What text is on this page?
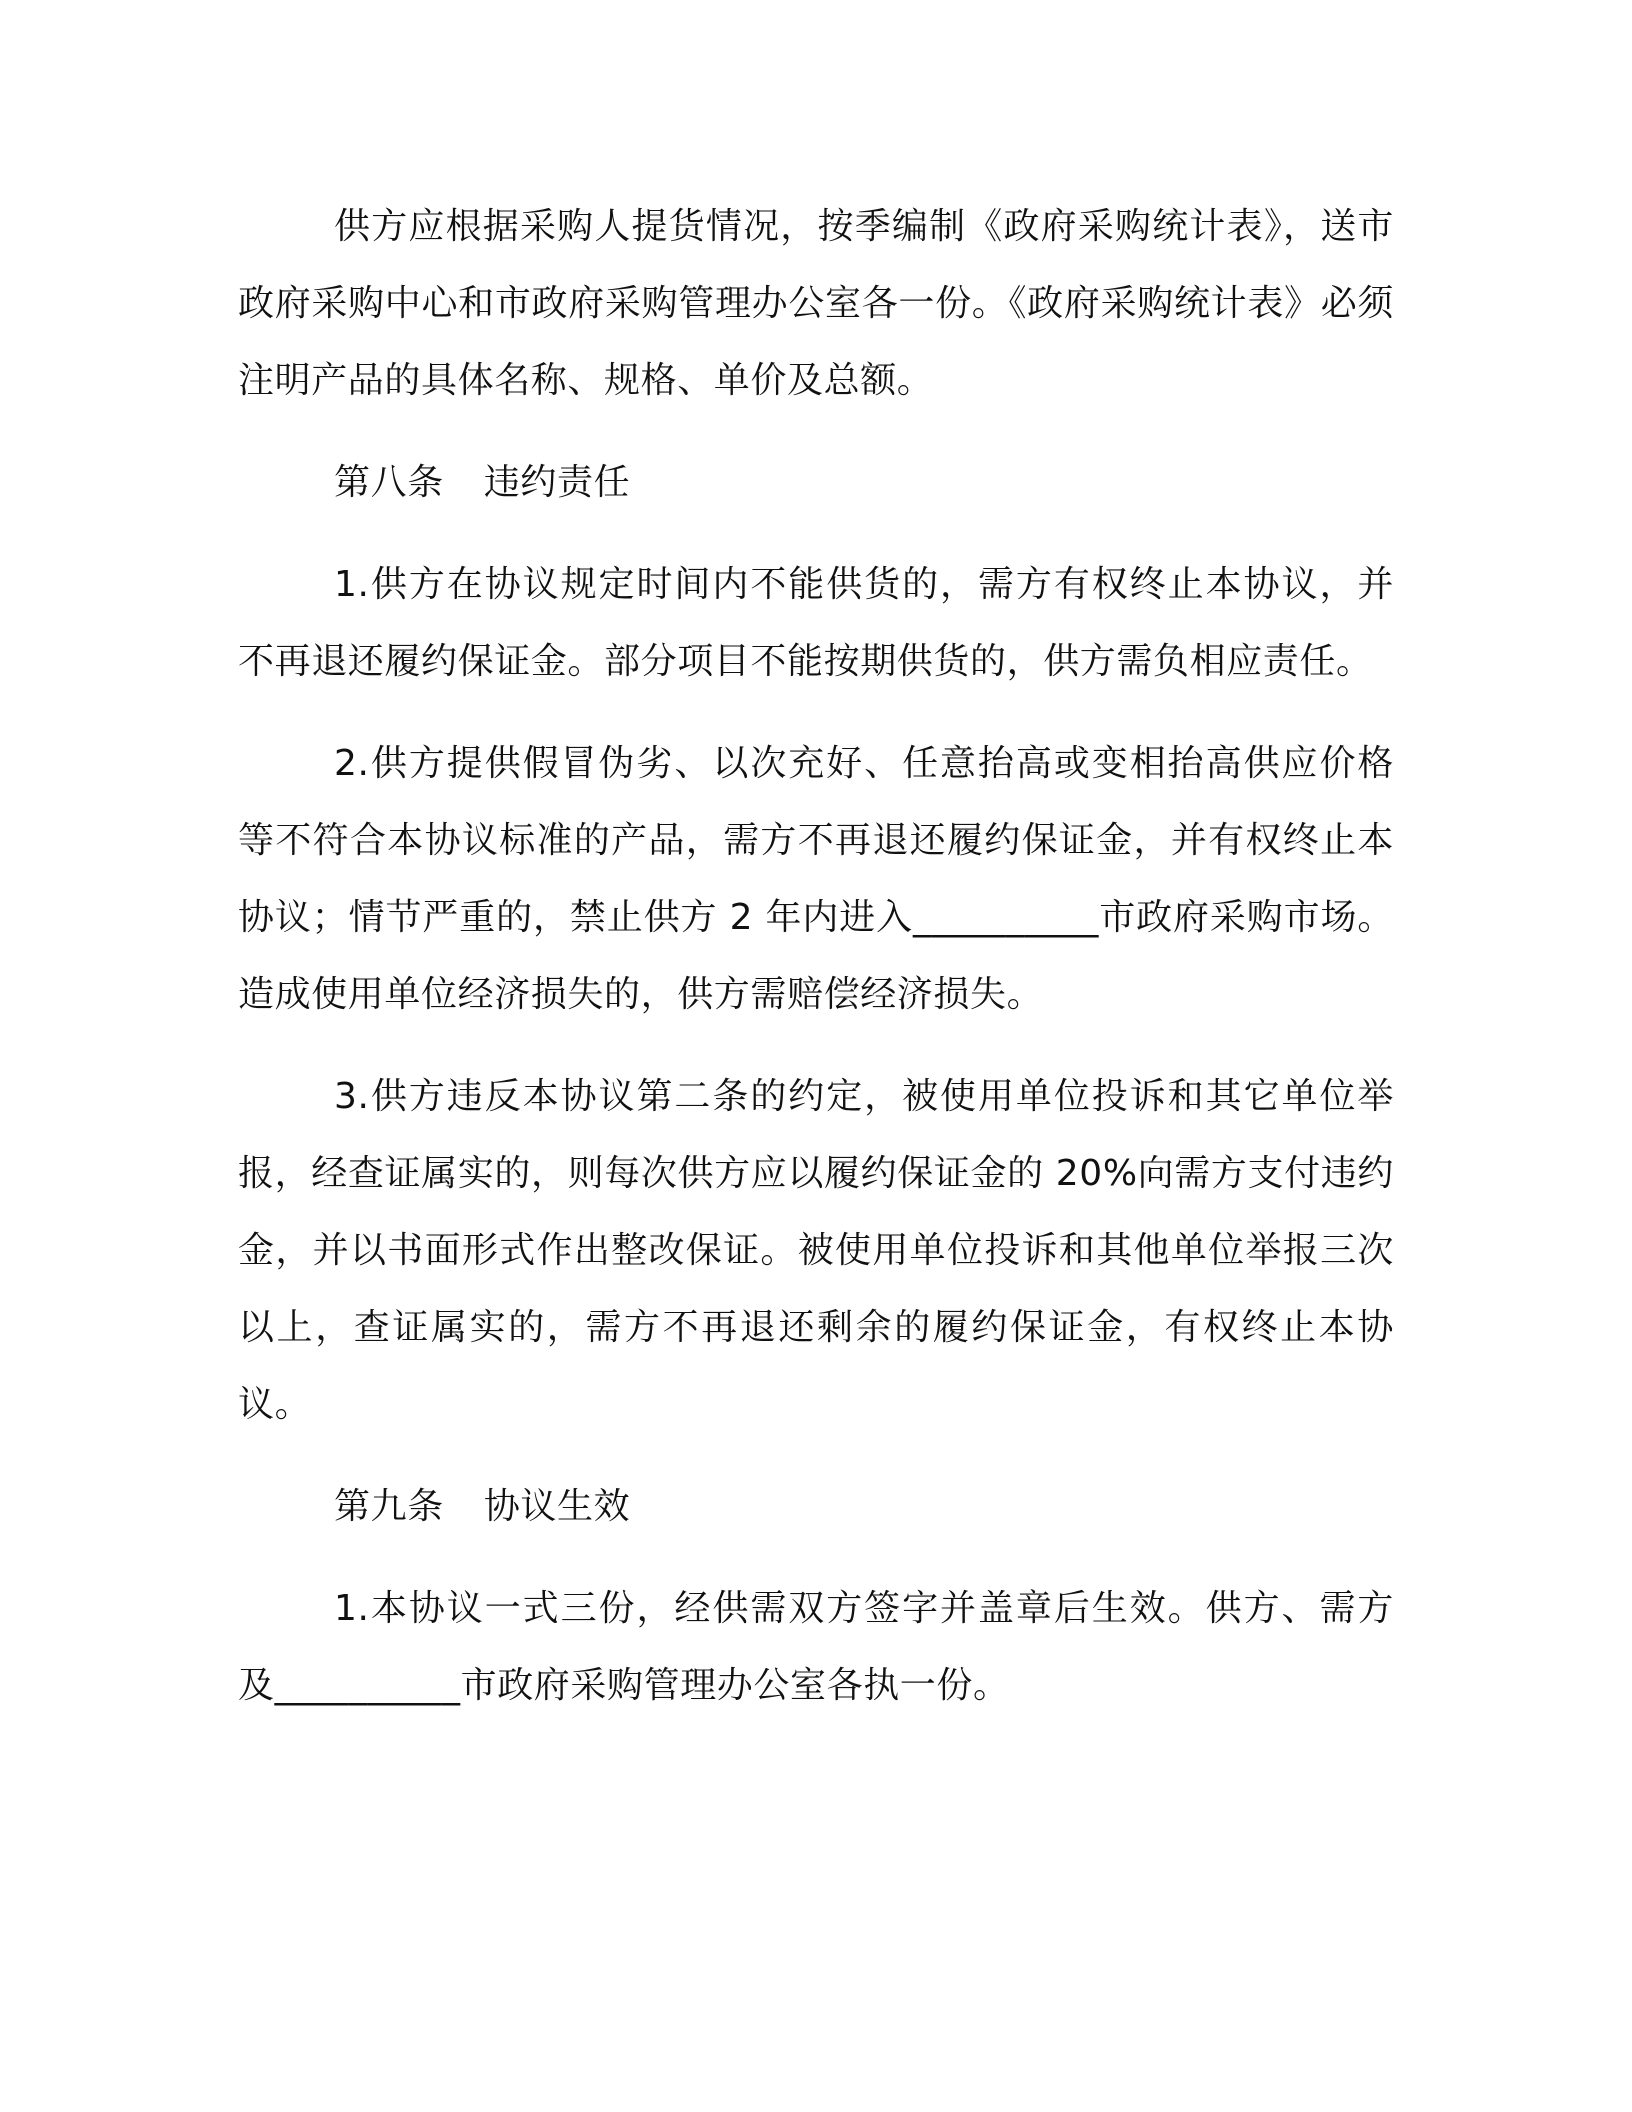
供方应根据采购人提货情况，按季编制《政府采购统计表》，送市政府采购中心和市政府采购管理办公室各一份。《政府采购统计表》必须注明产品的具体名称、规格、单价及总额。

第八条 违约责任

1.供方在协议规定时间内不能供货的，需方有权终止本协议，并不再退还履约保证金。部分项目不能按期供货的，供方需负相应责任。

2.供方提供假冒伪劣、以次充好、任意抬高或变相抬高供应价格等不符合本协议标准的产品，需方不再退还履约保证金，并有权终止本协议；情节严重的，禁止供方 2 年内进入__________市政府采购市场。造成使用单位经济损失的，供方需赔偿经济损失。

3.供方违反本协议第二条的约定，被使用单位投诉和其它单位举报，经查证属实的，则每次供方应以履约保证金的 20%向需方支付违约金，并以书面形式作出整改保证。被使用单位投诉和其他单位举报三次以上，查证属实的，需方不再退还剩余的履约保证金，有权终止本协议。

第九条 协议生效

1.本协议一式三份，经供需双方签字并盖章后生效。供方、需方及__________市政府采购管理办公室各执一份。
